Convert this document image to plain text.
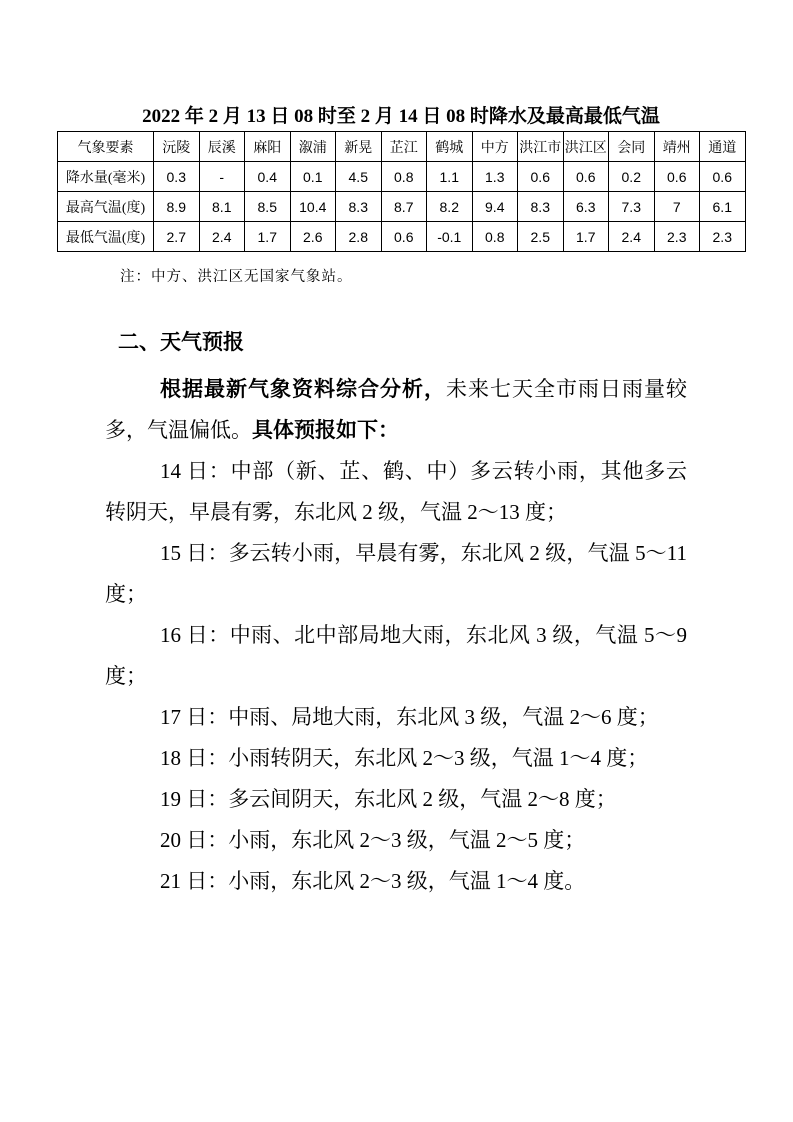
2022 年 2 月 13 日 08 时至 2 月 14 日 08 时降水及最高最低气温
气象要素	沅陵	辰溪	麻阳	溆浦	新晃	芷江	鹤城	中方	洪江市	洪江区	会同	靖州	通道
降水量(毫米)	0.3	-	0.4	0.1	4.5	0.8	1.1	1.3	0.6	0.6	0.2	0.6	0.6
最高气温(度)	8.9	8.1	8.5	10.4	8.3	8.7	8.2	9.4	8.3	6.3	7.3	7	6.1
最低气温(度)	2.7	2.4	1.7	2.6	2.8	0.6	-0.1	0.8	2.5	1.7	2.4	2.3	2.3
注：中方、洪江区无国家气象站。
二、天气预报

根据最新气象资料综合分析，未来七天全市雨日雨量较多，气温偏低。具体预报如下：

14 日：中部（新、芷、鹤、中）多云转小雨，其他多云转阴天，早晨有雾，东北风 2 级，气温 2～13 度；

15 日：多云转小雨，早晨有雾，东北风 2 级，气温 5～11 度；

16 日：中雨、北中部局地大雨，东北风 3 级，气温 5～9 度；

17 日：中雨、局地大雨，东北风 3 级，气温 2～6 度；

18 日：小雨转阴天，东北风 2～3 级，气温 1～4 度；

19 日：多云间阴天，东北风 2 级，气温 2～8 度；

20 日：小雨，东北风 2～3 级，气温 2～5 度；

21 日：小雨，东北风 2～3 级，气温 1～4 度。
